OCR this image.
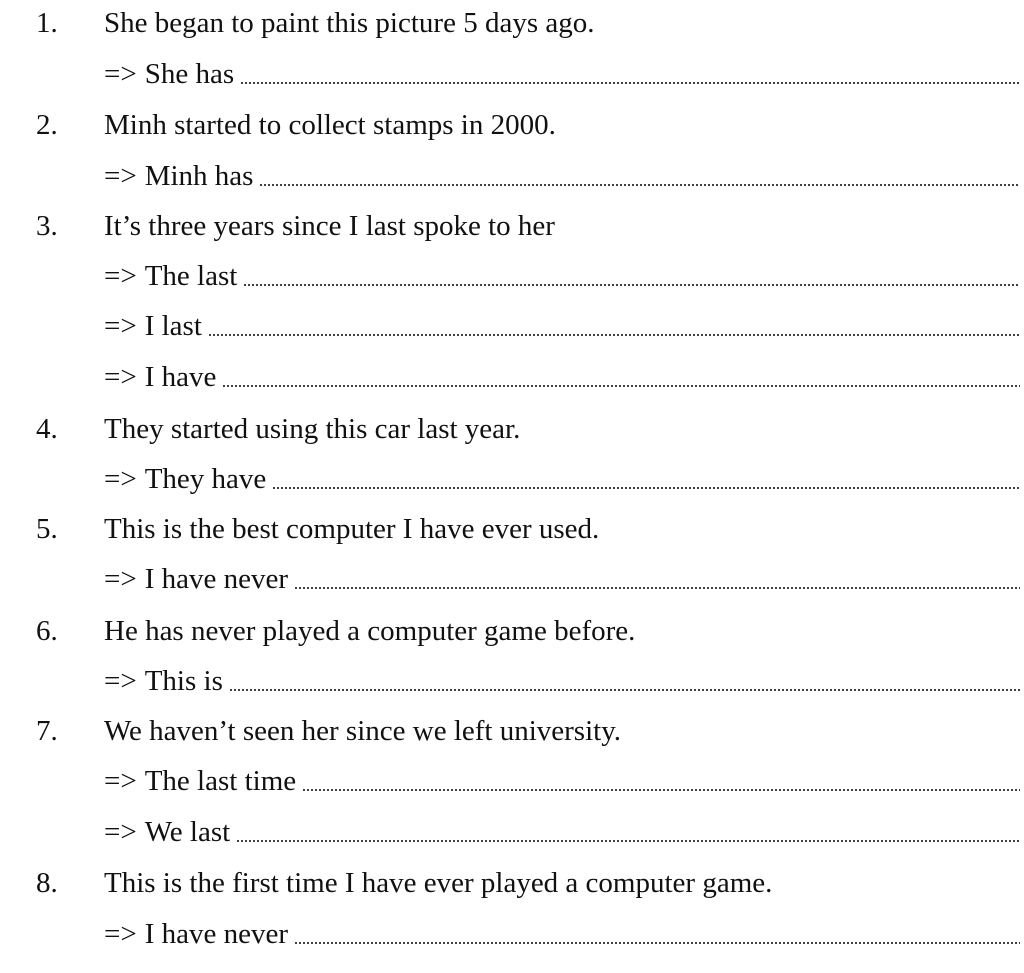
1. She began to paint this picture 5 days ago.
=> She has
2. Minh started to collect stamps in 2000.
=> Minh has
3. It’s three years since I last spoke to her
=> The last
=> I last
=> I have
4. They started using this car last year.
=> They have
5. This is the best computer I have ever used.
=> I have never
6. He has never played a computer game before.
=> This is
7. We haven’t seen her since we left university.
=> The last time
=> We last
8. This is the first time I have ever played a computer game.
=> I have never
